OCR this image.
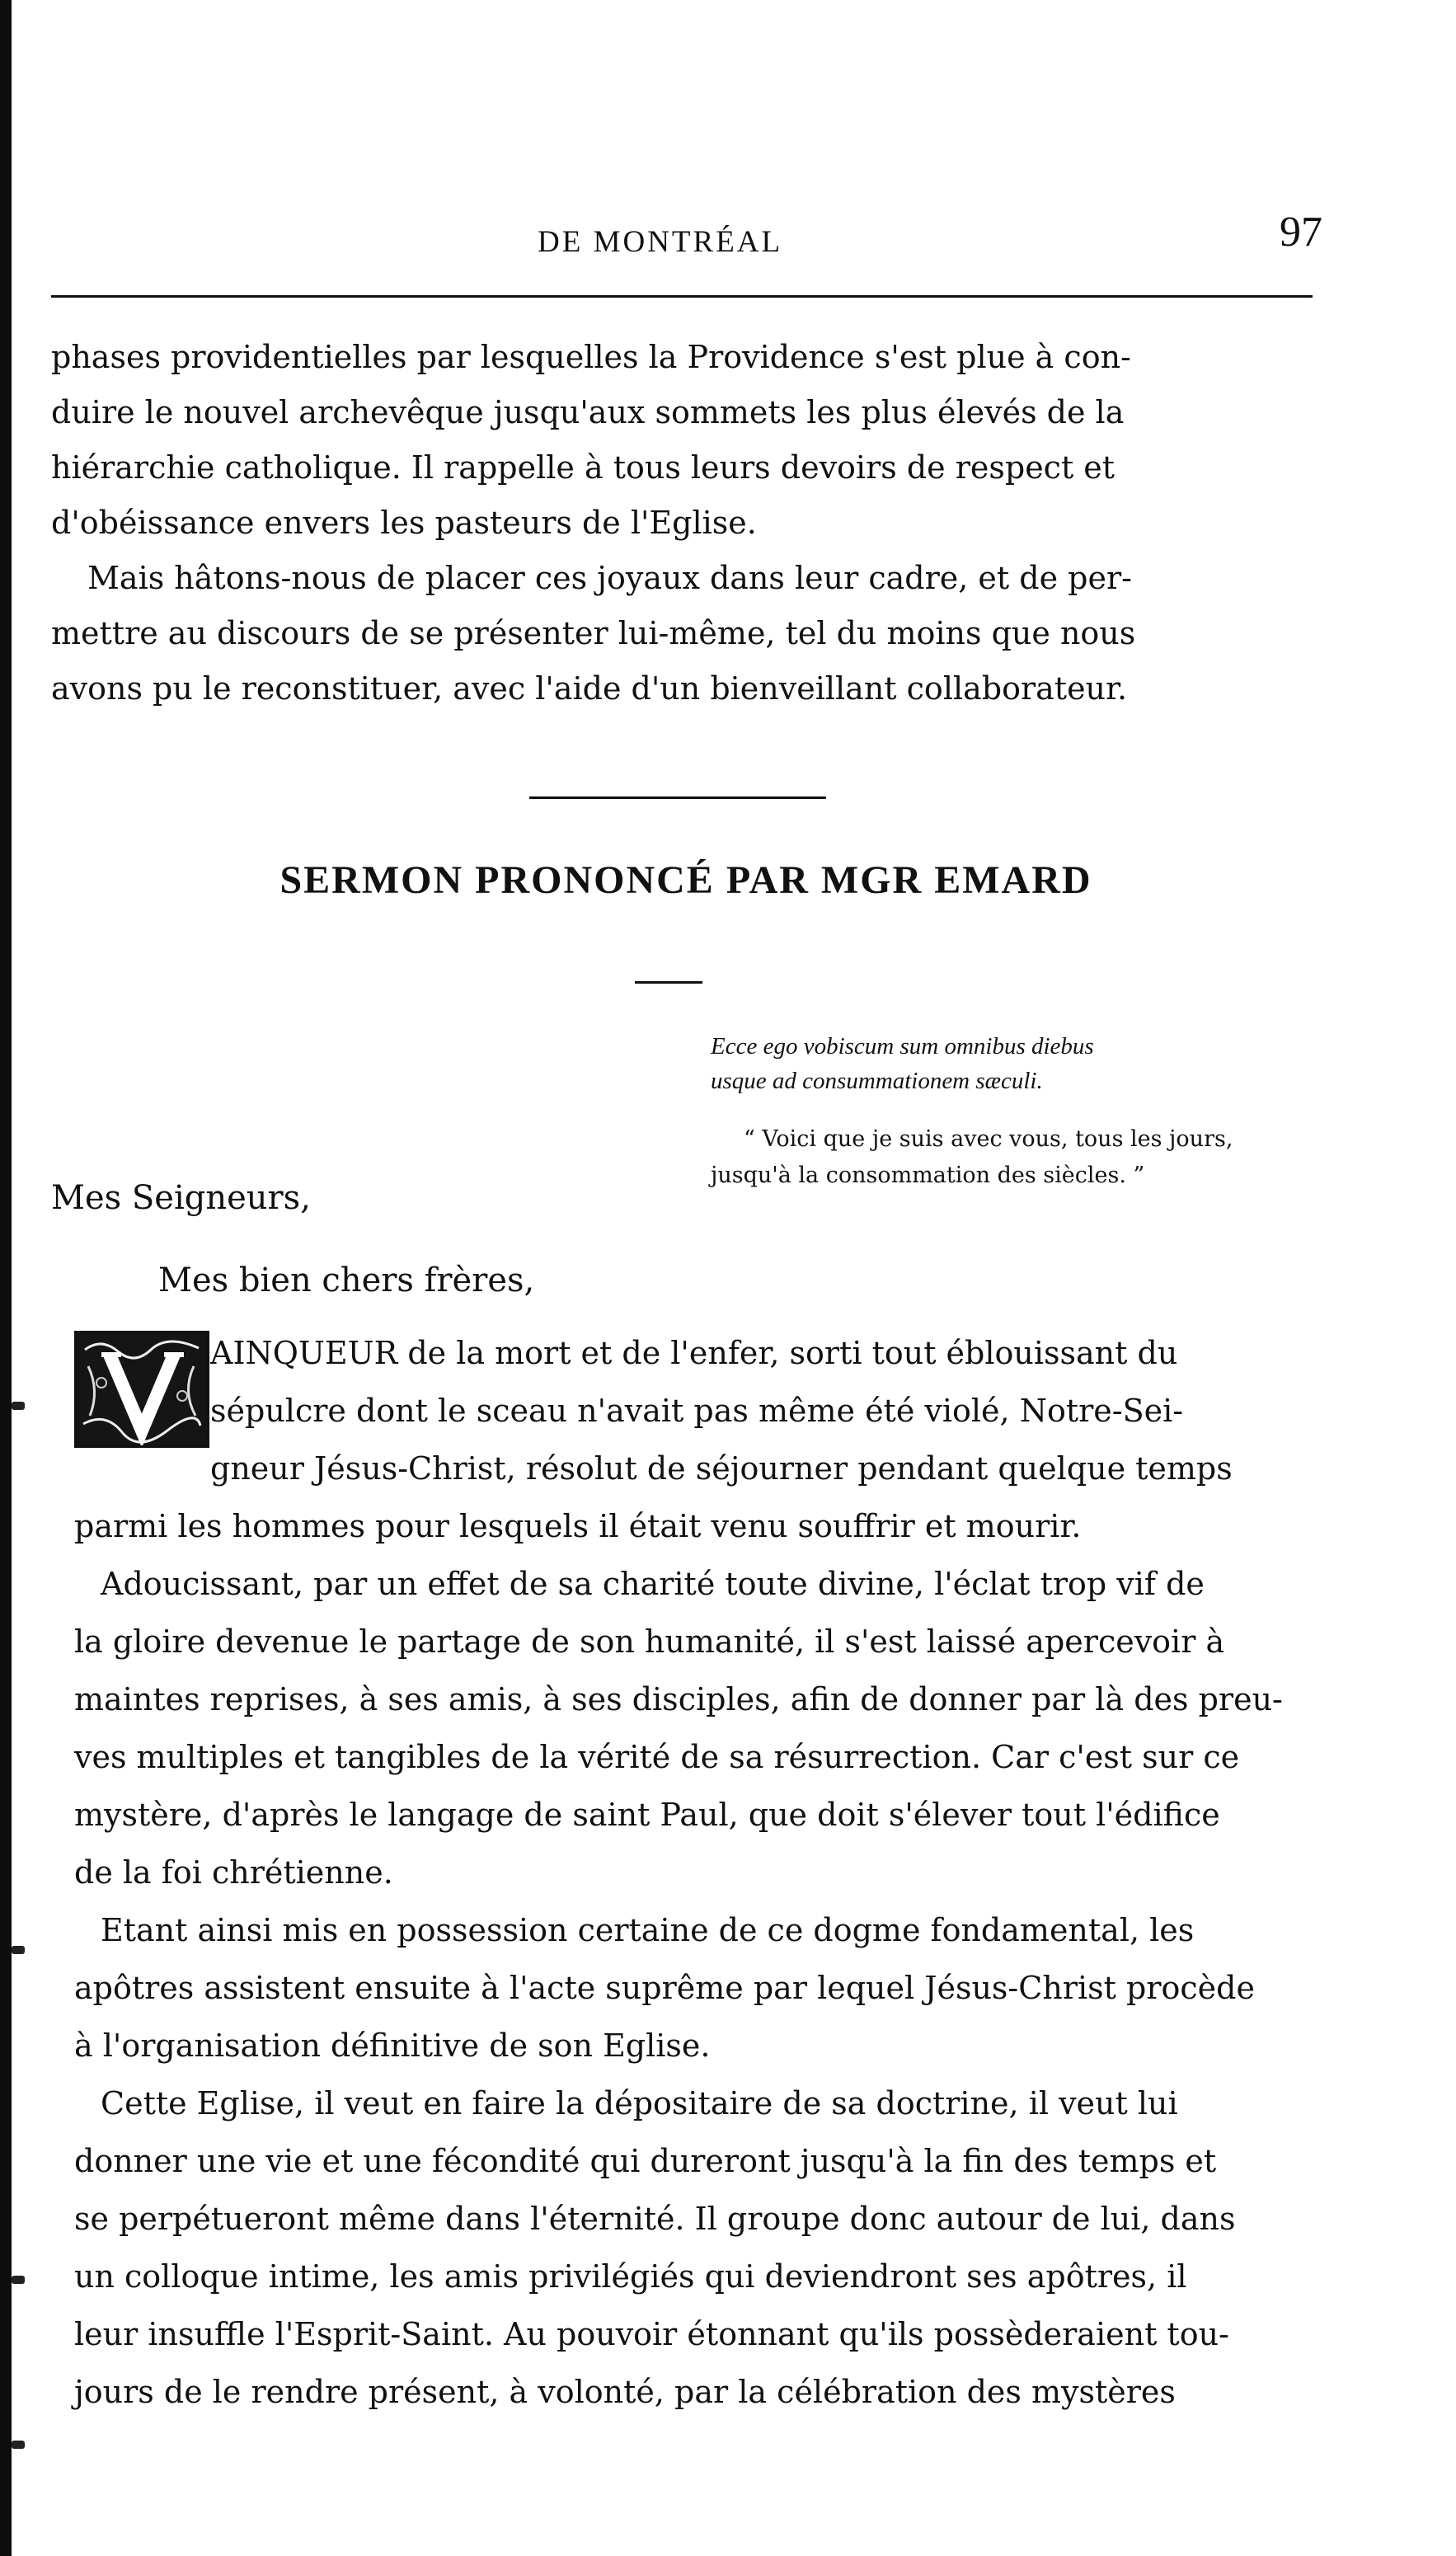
DE MONTRÉAL	97

phases providentielles par lesquelles la Providence s'est plue à con-
duire le nouvel archevêque jusqu'aux sommets les plus élevés de la
hiérarchie catholique. Il rappelle à tous leurs devoirs de respect et
d'obéissance envers les pasteurs de l'Eglise.

Mais hâtons-nous de placer ces joyaux dans leur cadre, et de per-
mettre au discours de se présenter lui-même, tel du moins que nous
avons pu le reconstituer, avec l'aide d'un bienveillant collaborateur.

SERMON PRONONCÉ PAR MGR EMARD
Ecce ego vobiscum sum omnibus diebus
usque ad consummationem sæculi.
“ Voici que je suis avec vous, tous les jours,
jusqu'à la consommation des siècles. ”

Mes Seigneurs,

Mes bien chers frères,

AINQUEUR de la mort et de l'enfer, sorti tout éblouissant du
sépulcre dont le sceau n'avait pas même été violé, Notre-Sei-
gneur Jésus-Christ, résolut de séjourner pendant quelque temps
parmi les hommes pour lesquels il était venu souffrir et mourir.

Adoucissant, par un effet de sa charité toute divine, l'éclat trop vif de
la gloire devenue le partage de son humanité, il s'est laissé apercevoir à
maintes reprises, à ses amis, à ses disciples, afin de donner par là des preu-
ves multiples et tangibles de la vérité de sa résurrection. Car c'est sur ce
mystère, d'après le langage de saint Paul, que doit s'élever tout l'édifice
de la foi chrétienne.

Etant ainsi mis en possession certaine de ce dogme fondamental, les
apôtres assistent ensuite à l'acte suprême par lequel Jésus-Christ procède
à l'organisation définitive de son Eglise.

Cette Eglise, il veut en faire la dépositaire de sa doctrine, il veut lui
donner une vie et une fécondité qui dureront jusqu'à la fin des temps et
se perpétueront même dans l'éternité. Il groupe donc autour de lui, dans
un colloque intime, les amis privilégiés qui deviendront ses apôtres, il
leur insuffle l'Esprit-Saint. Au pouvoir étonnant qu'ils possèderaient tou-
jours de le rendre présent, à volonté, par la célébration des mystères
